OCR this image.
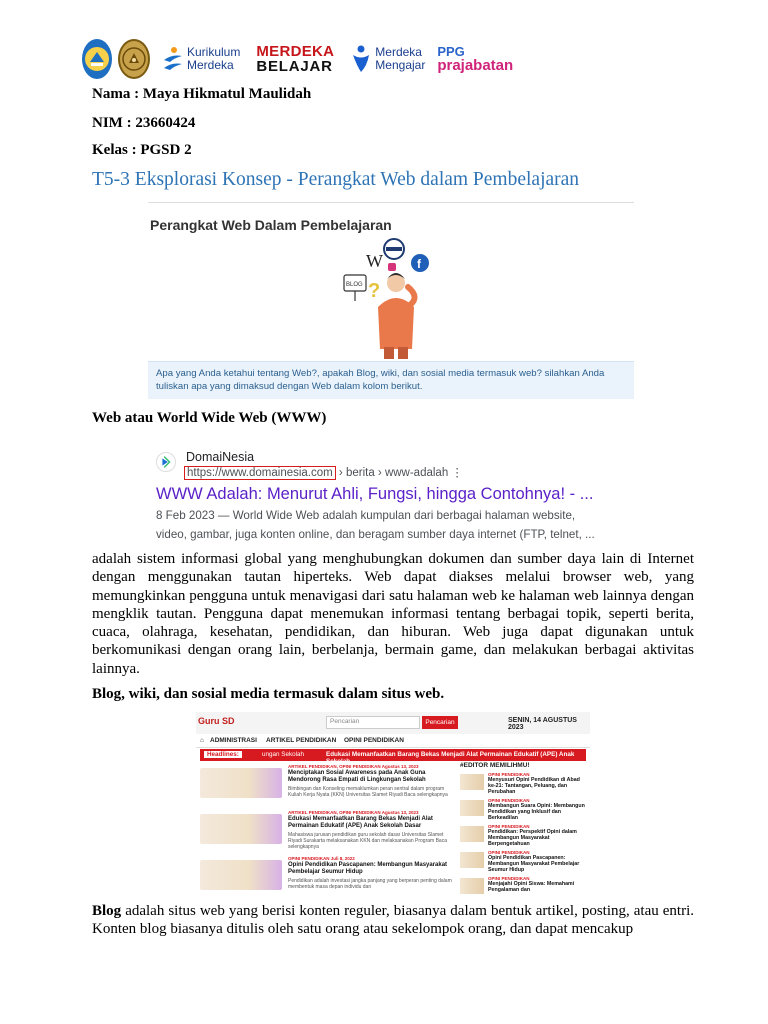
Kurikulum
Merdeka
MERDEKA
BELAJAR
Merdeka
Mengajar
PPG
prajabatan
Nama : Maya Hikmatul Maulidah
NIM : 23660424
Kelas : PGSD 2
T5-3 Eksplorasi Konsep - Perangkat Web dalam Pembelajaran
Perangkat Web Dalam Pembelajaran
f
W
BLOG ?
Apa yang Anda ketahui tentang Web?, apakah Blog, wiki, dan sosial media termasuk web? silahkan Anda tuliskan apa yang dimaksud dengan Web dalam kolom berikut.
Web atau World Wide Web (WWW)
DomaiNesia
https://www.domainesia.com › berita › www-adalah ⋮
WWW Adalah: Menurut Ahli, Fungsi, hingga Contohnya! - ...
8 Feb 2023 — World Wide Web adalah kumpulan dari berbagai halaman website, video, gambar, juga konten online, dan beragam sumber daya internet (FTP, telnet, ...
adalah sistem informasi global yang menghubungkan dokumen dan sumber daya lain di Internet dengan menggunakan tautan hiperteks. Web dapat diakses melalui browser web, yang memungkinkan pengguna untuk menavigasi dari satu halaman web ke halaman web lainnya dengan mengklik tautan. Pengguna dapat menemukan informasi tentang berbagai topik, seperti berita, cuaca, olahraga, kesehatan, pendidikan, dan hiburan. Web juga dapat digunakan untuk berkomunikasi dengan orang lain, berbelanja, bermain game, dan melakukan berbagai aktivitas lainnya.
Blog, wiki, dan sosial media termasuk dalam situs web.
Guru SD	Pencarian	Pencarian	SENIN, 14 AGUSTUS 2023
⌂ ADMINISTRASI ARTIKEL PENDIDIKAN OPINI PENDIDIKAN
Headlines:	ungan Sekolah	Edukasi Memanfaatkan Barang Bekas Menjadi Alat Permainan Edukatif (APE) Anak Sekolah
ARTIKEL PENDIDIKAN, OPINI PENDIDIKAN Agustus 13, 2023
Menciptakan Sosial Awareness pada Anak Guna Mendorong Rasa Empati di Lingkungan Sekolah
Bimbingan dan Konseling memaklumkan peran sentral dalam program Kuliah Kerja Nyata (KKN) Universitas Slamet Riyadi Baca selengkapnya
ARTIKEL PENDIDIKAN, OPINI PENDIDIKAN Agustus 13, 2023
Edukasi Memanfaatkan Barang Bekas Menjadi Alat Permainan Edukatif (APE) Anak Sekolah Dasar
Mahasiswa jurusan pendidikan guru sekolah dasar Universitas Slamet Riyadi Surakarta melaksanakan KKN dan melaksanakan Program Baca selengkapnya
OPINI PENDIDIKAN Juli 8, 2022
Opini Pendidikan Pascapanen: Membangun Masyarakat Pembelajar Seumur Hidup
Pendidikan adalah investasi jangka panjang yang berperan penting dalam membentuk masa depan individu dan
#EDITOR MEMILIHMU!
OPINI PENDIDIKAN
Menyusuri Opini Pendidikan di Abad ke-21: Tantangan, Peluang, dan Perubahan
OPINI PENDIDIKAN
Membangun Suara Opini: Membangun Pendidikan yang Inklusif dan Berkeadilan
OPINI PENDIDIKAN
Pendidikan: Perspektif Opini dalam Membangun Masyarakat Berpengetahuan
OPINI PENDIDIKAN
Opini Pendidikan Pascapanen: Membangun Masyarakat Pembelajar Seumur Hidup
OPINI PENDIDIKAN
Menjajahi Opini Siswa: Memahami Pengalaman dan
Blog adalah situs web yang berisi konten reguler, biasanya dalam bentuk artikel, posting, atau entri. Konten blog biasanya ditulis oleh satu orang atau sekelompok orang, dan dapat mencakup
